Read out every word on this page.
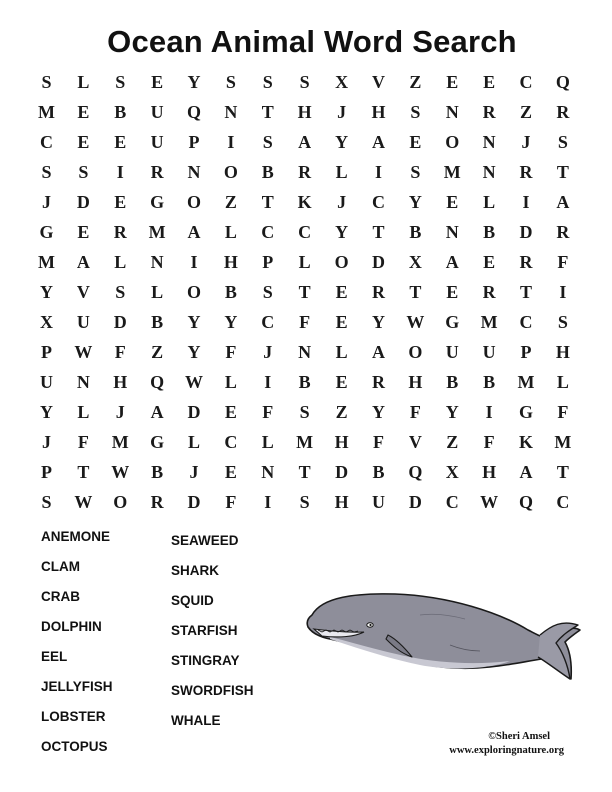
Ocean Animal Word Search
S	L	S	E	Y	S	S	S	X	V	Z	E	E	C	Q
M	E	B	U	Q	N	T	H	J	H	S	N	R	Z	R
C	E	E	U	P	I	S	A	Y	A	E	O	N	J	S
S	S	I	R	N	O	B	R	L	I	S	M	N	R	T
J	D	E	G	O	Z	T	K	J	C	Y	E	L	I	A
G	E	R	M	A	L	C	C	Y	T	B	N	B	D	R
M	A	L	N	I	H	P	L	O	D	X	A	E	R	F
Y	V	S	L	O	B	S	T	E	R	T	E	R	T	I
X	U	D	B	Y	Y	C	F	E	Y	W	G	M	C	S
P	W	F	Z	Y	F	J	N	L	A	O	U	U	P	H
U	N	H	Q	W	L	I	B	E	R	H	B	B	M	L
Y	L	J	A	D	E	F	S	Z	Y	F	Y	I	G	F
J	F	M	G	L	C	L	M	H	F	V	Z	F	K	M
P	T	W	B	J	E	N	T	D	B	Q	X	H	A	T
S	W	O	R	D	F	I	S	H	U	D	C	W	Q	C
ANEMONE
CLAM
CRAB
DOLPHIN
EEL
JELLYFISH
LOBSTER
OCTOPUS
SEAWEED
SHARK
SQUID
STARFISH
STINGRAY
SWORDFISH
WHALE
©Sheri Amsel
www.exploringnature.org
